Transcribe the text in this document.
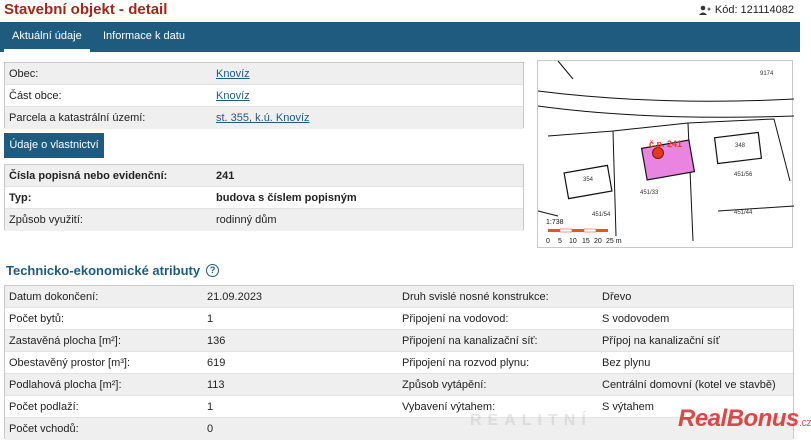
Stavební objekt - detail	Kód: 121114082
Aktuální údaje	Informace k datu
Obec:	Knovíz
Část obce:	Knovíz
Parcela a katastrální území:	st. 355, k.ú. Knovíz
Údaje o vlastnictví
Čísla popisná nebo evidenční:	241
Typ:	budova s číslem popisným
Způsob využití:	rodinný dům
č.p. 241
9174
354
348
451/54
451/33
451/56
451/44
1:738
0 5 10 15 20 25 m
Technicko-ekonomické atributy	?
Datum dokončení:	21.09.2023	Druh svislé nosné konstrukce:	Dřevo
Počet bytů:	1	Připojení na vodovod:	S vodovodem
Zastavěná plocha [m²]:	136	Připojení na kanalizační síť:	Přípoj na kanalizační síť
Obestavěný prostor [m³]:	619	Připojení na rozvod plynu:	Bez plynu
Podlahová plocha [m²]:	113	Způsob vytápění:	Centrální domovní (kotel ve stavbě)
Počet podlaží:	1	Vybavení výtahem:	S výtahem
Počet vchodů:	0	REALITNÍ	RealBonus.cz
